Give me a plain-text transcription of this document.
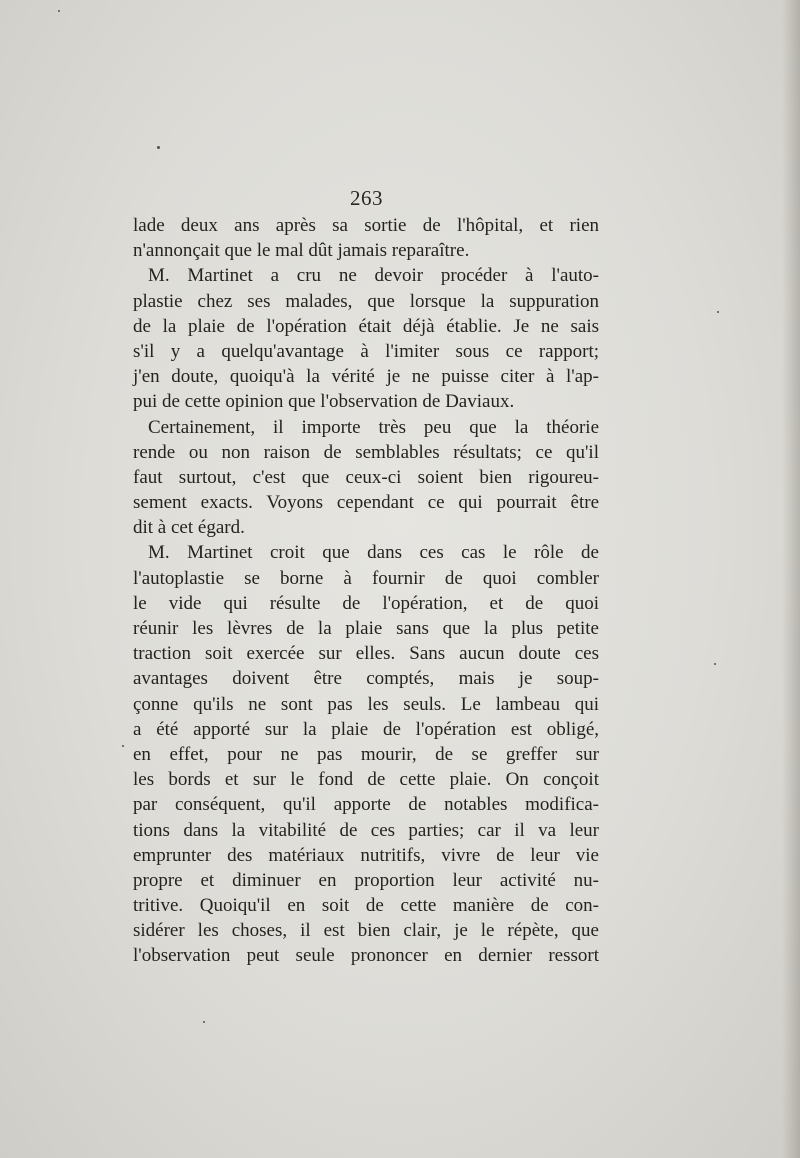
263
lade deux ans après sa sortie de l'hôpital, et rien
n'annonçait que le mal dût jamais reparaître.
M. Martinet a cru ne devoir procéder à l'auto-
plastie chez ses malades, que lorsque la suppuration
de la plaie de l'opération était déjà établie. Je ne sais
s'il y a quelqu'avantage à l'imiter sous ce rapport;
j'en doute, quoiqu'à la vérité je ne puisse citer à l'ap-
pui de cette opinion que l'observation de Daviaux.
Certainement, il importe très peu que la théorie
rende ou non raison de semblables résultats; ce qu'il
faut surtout, c'est que ceux-ci soient bien rigoureu-
sement exacts. Voyons cependant ce qui pourrait être
dit à cet égard.
M. Martinet croit que dans ces cas le rôle de
l'autoplastie se borne à fournir de quoi combler
le vide qui résulte de l'opération, et de quoi
réunir les lèvres de la plaie sans que la plus petite
traction soit exercée sur elles. Sans aucun doute ces
avantages doivent être comptés, mais je soup-
çonne qu'ils ne sont pas les seuls. Le lambeau qui
a été apporté sur la plaie de l'opération est obligé,
en effet, pour ne pas mourir, de se greffer sur
les bords et sur le fond de cette plaie. On conçoit
par conséquent, qu'il apporte de notables modifica-
tions dans la vitabilité de ces parties; car il va leur
emprunter des matériaux nutritifs, vivre de leur vie
propre et diminuer en proportion leur activité nu-
tritive. Quoiqu'il en soit de cette manière de con-
sidérer les choses, il est bien clair, je le répète, que
l'observation peut seule prononcer en dernier ressort
